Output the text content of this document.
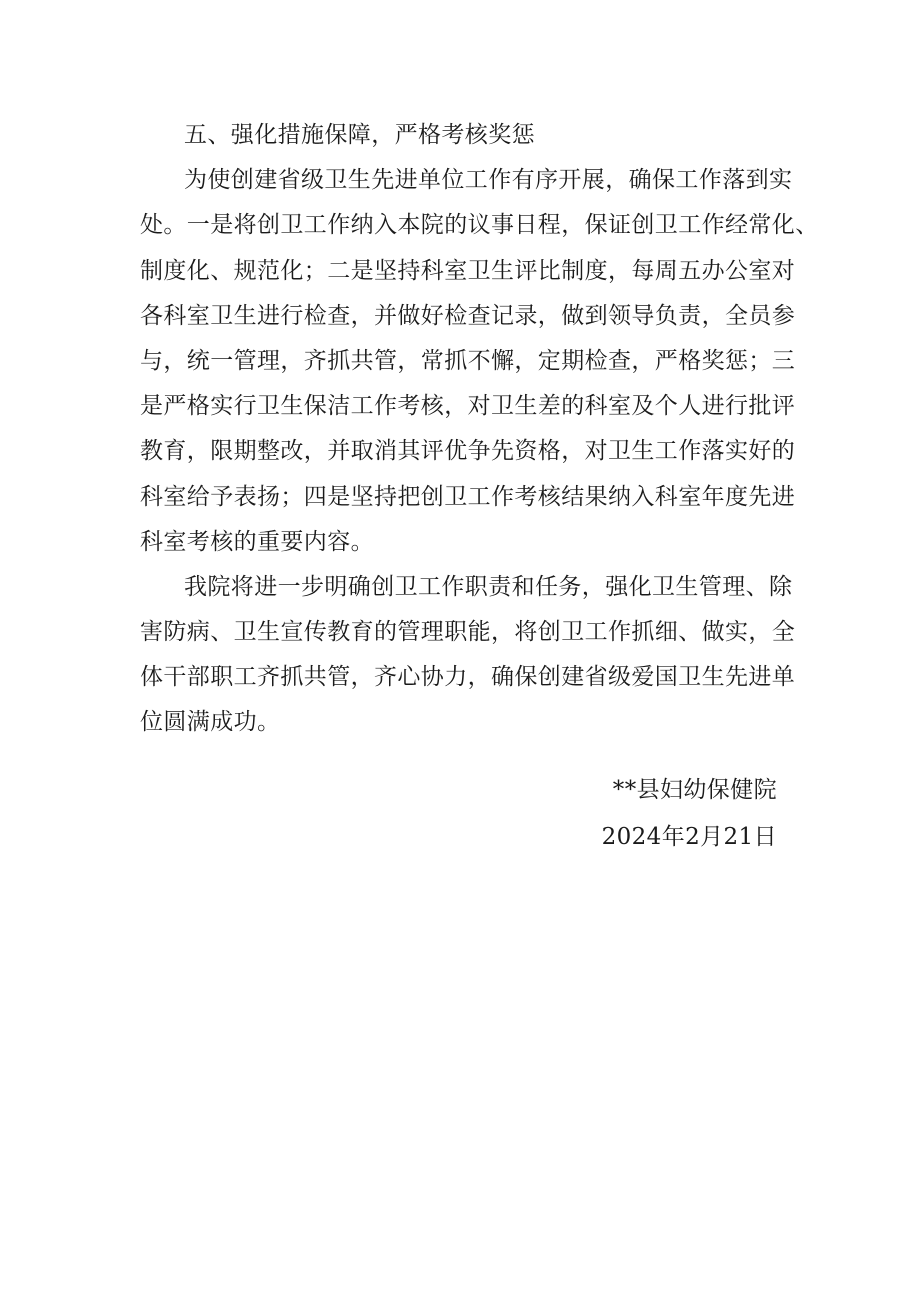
五、强化措施保障，严格考核奖惩
为使创建省级卫生先进单位工作有序开展，确保工作落到实
处。一是将创卫工作纳入本院的议事日程，保证创卫工作经常化、
制度化、规范化；二是坚持科室卫生评比制度，每周五办公室对
各科室卫生进行检查，并做好检查记录，做到领导负责，全员参
与，统一管理，齐抓共管，常抓不懈，定期检查，严格奖惩；三
是严格实行卫生保洁工作考核，对卫生差的科室及个人进行批评
教育，限期整改，并取消其评优争先资格，对卫生工作落实好的
科室给予表扬；四是坚持把创卫工作考核结果纳入科室年度先进
科室考核的重要内容。
我院将进一步明确创卫工作职责和任务，强化卫生管理、除
害防病、卫生宣传教育的管理职能，将创卫工作抓细、做实，全
体干部职工齐抓共管，齐心协力，确保创建省级爱国卫生先进单
位圆满成功。
**县妇幼保健院
2024年2月21日
